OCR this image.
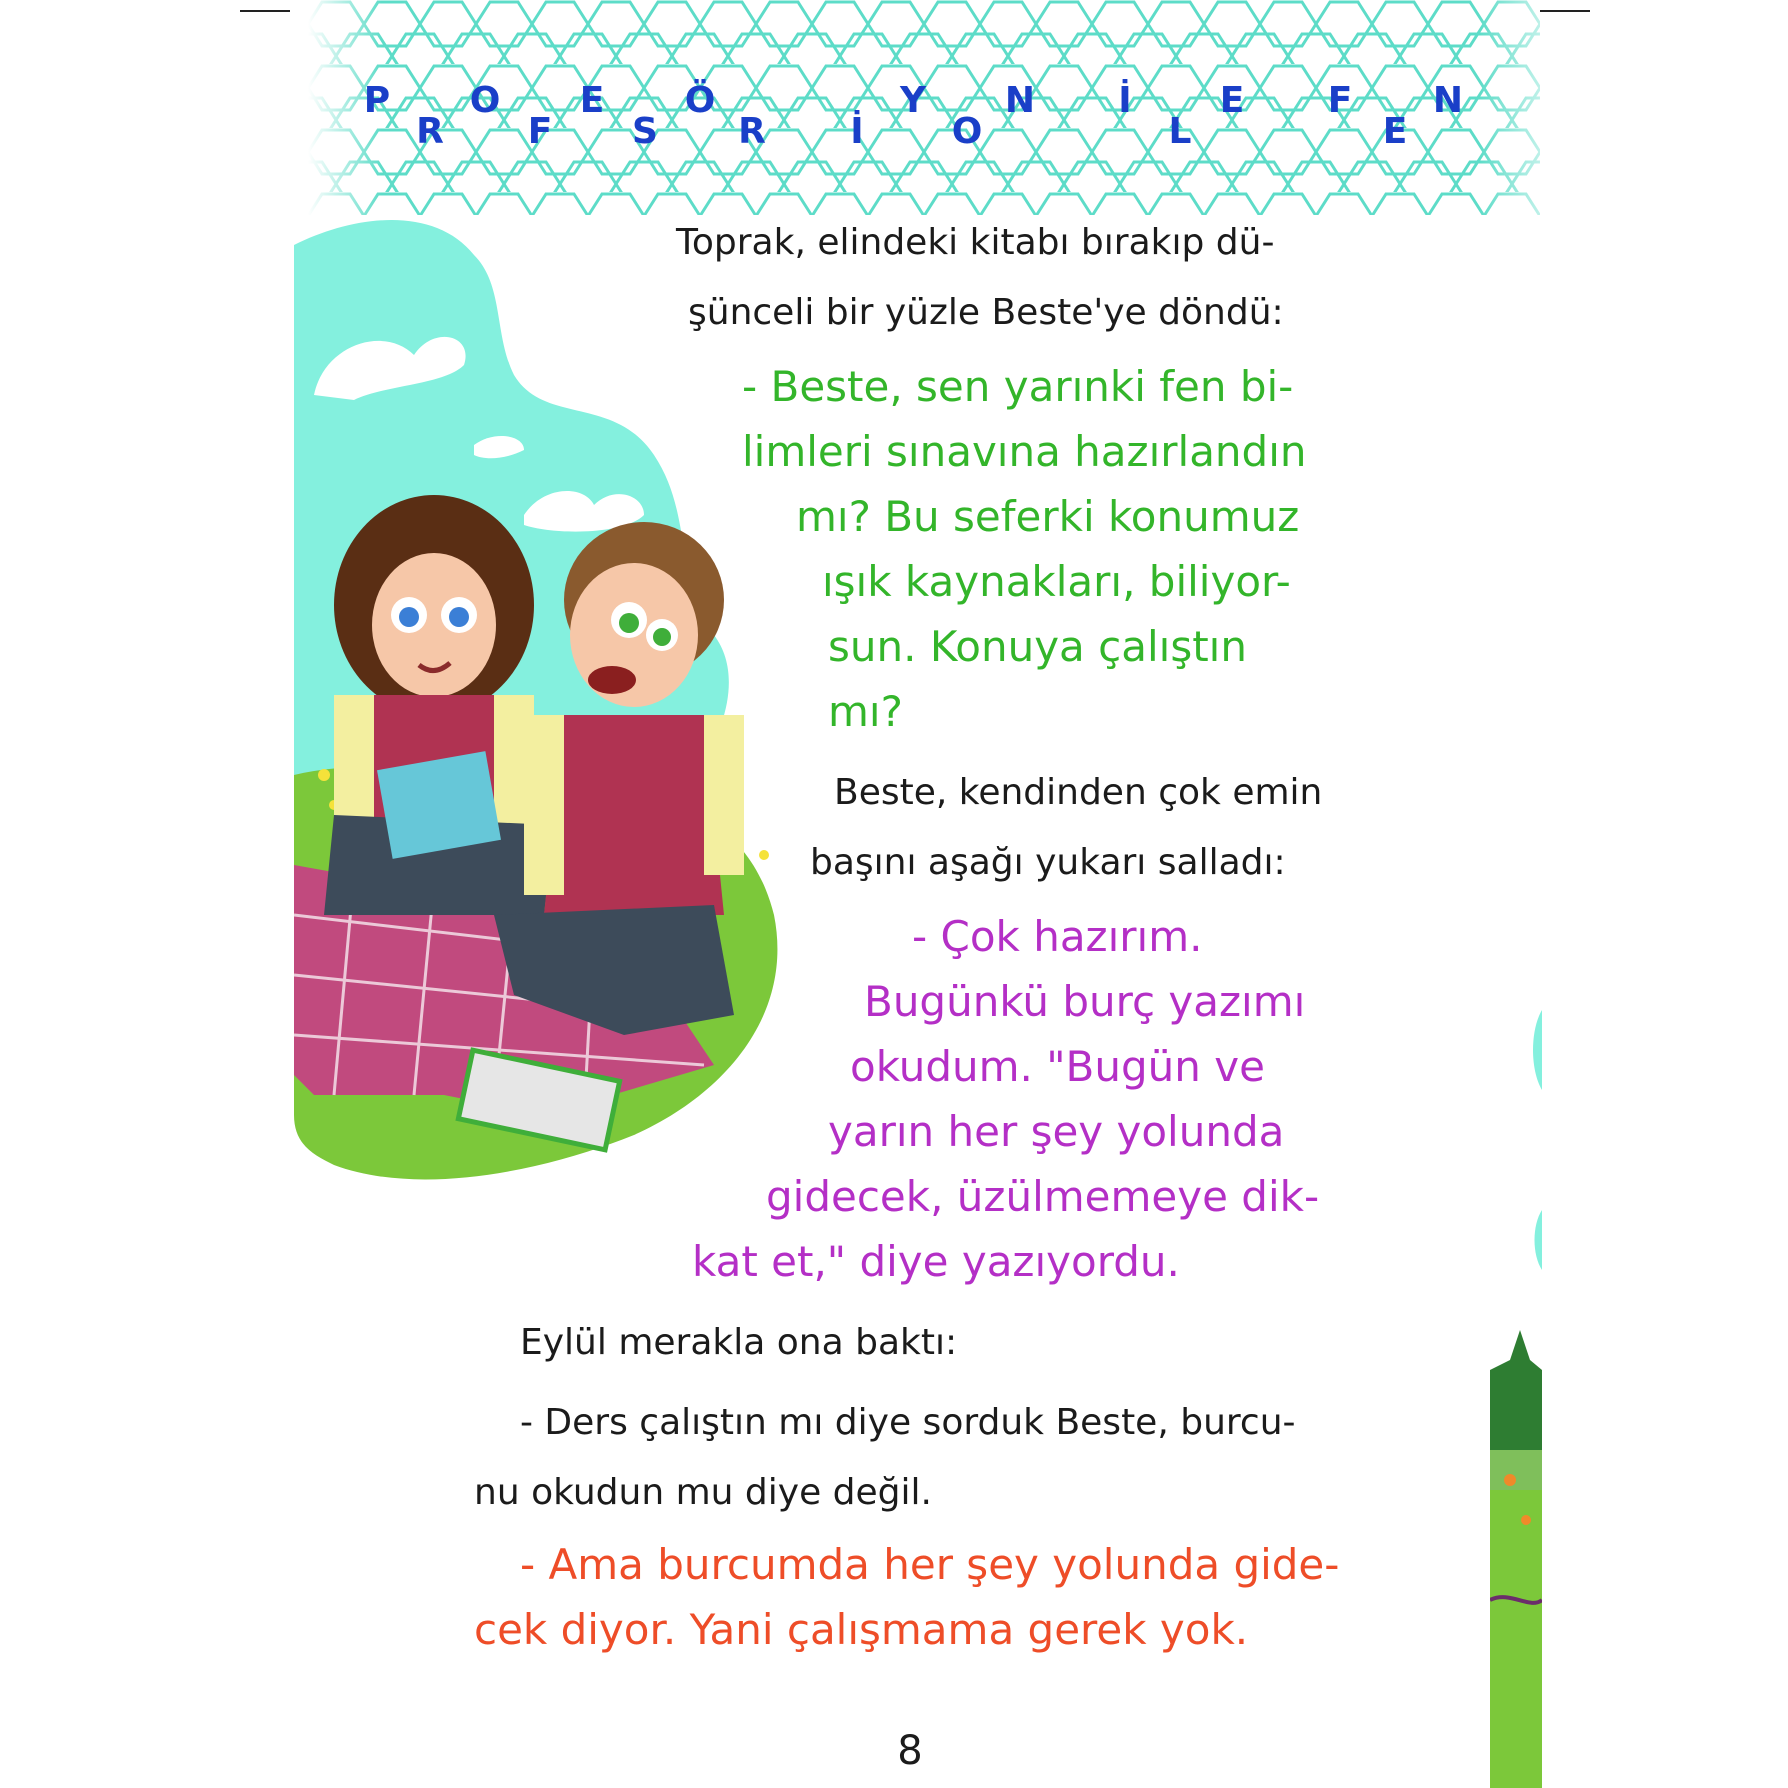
P
R
O
F
E
S
Ö
R	İ
Y
O
N	İ
L
E	F
E
N
Toprak, elindeki kitabı bırakıp dü-
şünceli bir yüzle Beste'ye döndü:
- Beste, sen yarınki fen bi-
limleri sınavına hazırlandın
mı? Bu seferki konumuz
ışık kaynakları, biliyor-
sun. Konuya çalıştın
mı?
Beste, kendinden çok emin
başını aşağı yukarı salladı:
- Çok hazırım.
Bugünkü burç yazımı
okudum. "Bugün ve
yarın her şey yolunda
gidecek, üzülmemeye dik-
kat et," diye yazıyordu.
Eylül merakla ona baktı:
- Ders çalıştın mı diye sorduk Beste, burcu-
nu okudun mu diye değil.
- Ama burcumda her şey yolunda gide-
cek diyor. Yani çalışmama gerek yok.
8
